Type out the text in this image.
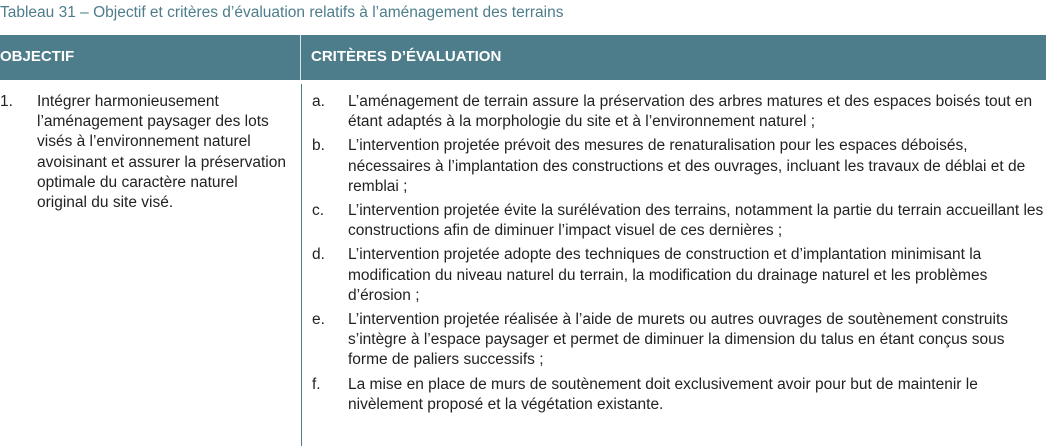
Tableau 31 – Objectif et critères d’évaluation relatifs à l’aménagement des terrains
OBJECTIF	CRITÈRES D’ÉVALUATION
1. Intégrer harmonieusement l’aménagement paysager des lots visés à l’environnement naturel avoisinant et assurer la préservation optimale du caractère naturel original du site visé.
a. L’aménagement de terrain assure la préservation des arbres matures et des espaces boisés tout en étant adaptés à la morphologie du site et à l’environnement naturel ;
b. L’intervention projetée prévoit des mesures de renaturalisation pour les espaces déboisés, nécessaires à l’implantation des constructions et des ouvrages, incluant les travaux de déblai et de remblai ;
c. L’intervention projetée évite la surélévation des terrains, notamment la partie du terrain accueillant les constructions afin de diminuer l’impact visuel de ces dernières ;
d. L’intervention projetée adopte des techniques de construction et d’implantation minimisant la modification du niveau naturel du terrain, la modification du drainage naturel et les problèmes d’érosion ;
e. L’intervention projetée réalisée à l’aide de murets ou autres ouvrages de soutènement construits s’intègre à l’espace paysager et permet de diminuer la dimension du talus en étant conçus sous forme de paliers successifs ;
f. La mise en place de murs de soutènement doit exclusivement avoir pour but de maintenir le nivèlement proposé et la végétation existante.
